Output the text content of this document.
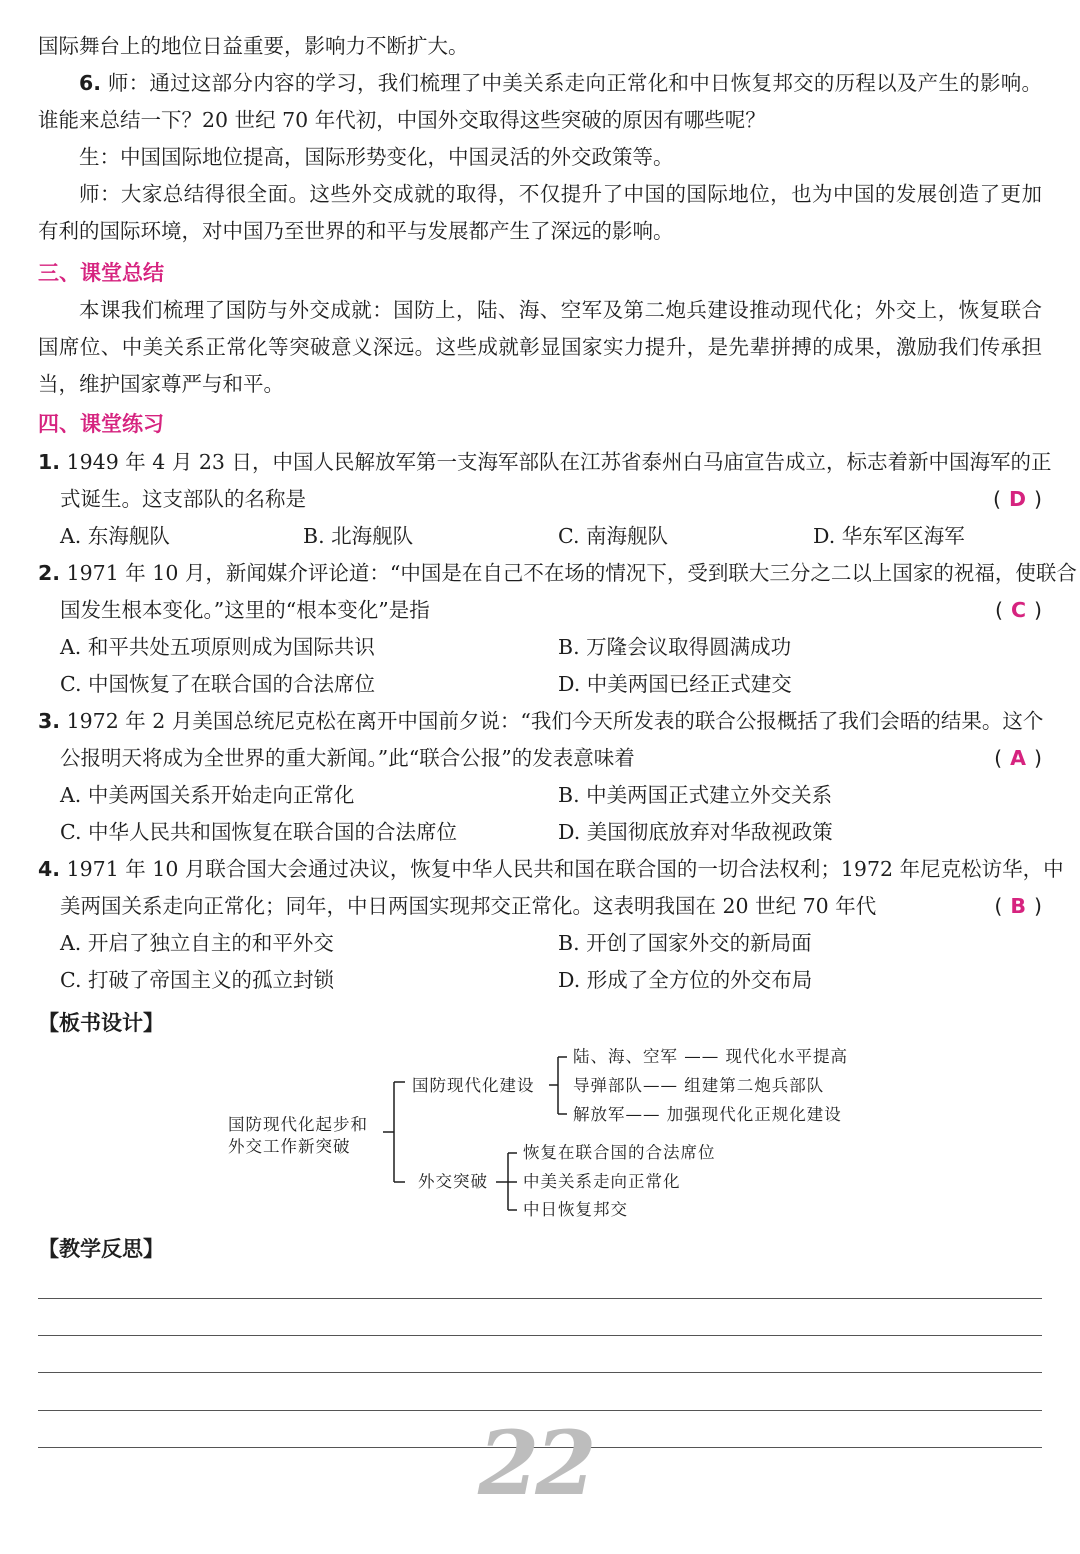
国际舞台上的地位日益重要，影响力不断扩大。
6. 师：通过这部分内容的学习，我们梳理了中美关系走向正常化和中日恢复邦交的历程以及产生的影响。谁能来总结一下？20 世纪 70 年代初，中国外交取得这些突破的原因有哪些呢？
生：中国国际地位提高，国际形势变化，中国灵活的外交政策等。
师：大家总结得很全面。这些外交成就的取得，不仅提升了中国的国际地位，也为中国的发展创造了更加有利的国际环境，对中国乃至世界的和平与发展都产生了深远的影响。
三、课堂总结
本课我们梳理了国防与外交成就：国防上，陆、海、空军及第二炮兵建设推动现代化；外交上，恢复联合国席位、中美关系正常化等突破意义深远。这些成就彰显国家实力提升，是先辈拼搏的成果，激励我们传承担当，维护国家尊严与和平。
四、课堂练习
1. 1949 年 4 月 23 日，中国人民解放军第一支海军部队在江苏省泰州白马庙宣告成立，标志着新中国海军的正
式诞生。这支部队的名称是	( D )
A. 东海舰队	B. 北海舰队	C. 南海舰队	D. 华东军区海军
2. 1971 年 10 月，新闻媒介评论道：“中国是在自己不在场的情况下，受到联大三分之二以上国家的祝福，使联合
国发生根本变化。”这里的“根本变化”是指	( C )
A. 和平共处五项原则成为国际共识	B. 万隆会议取得圆满成功
C. 中国恢复了在联合国的合法席位	D. 中美两国已经正式建交
3. 1972 年 2 月美国总统尼克松在离开中国前夕说：“我们今天所发表的联合公报概括了我们会晤的结果。这个
公报明天将成为全世界的重大新闻。”此“联合公报”的发表意味着	( A )
A. 中美两国关系开始走向正常化	B. 中美两国正式建立外交关系
C. 中华人民共和国恢复在联合国的合法席位	D. 美国彻底放弃对华敌视政策
4. 1971 年 10 月联合国大会通过决议，恢复中华人民共和国在联合国的一切合法权利；1972 年尼克松访华，中
美两国关系走向正常化；同年，中日两国实现邦交正常化。这表明我国在 20 世纪 70 年代	( B )
A. 开启了独立自主的和平外交	B. 开创了国家外交的新局面
C. 打破了帝国主义的孤立封锁	D. 形成了全方位的外交布局
【板书设计】
国防现代化起步和
外交工作新突破
国防现代化建设
陆、海、空军 —— 现代化水平提高
导弹部队—— 组建第二炮兵部队
解放军—— 加强现代化正规化建设
外交突破
恢复在联合国的合法席位
中美关系走向正常化
中日恢复邦交
【教学反思】
22
